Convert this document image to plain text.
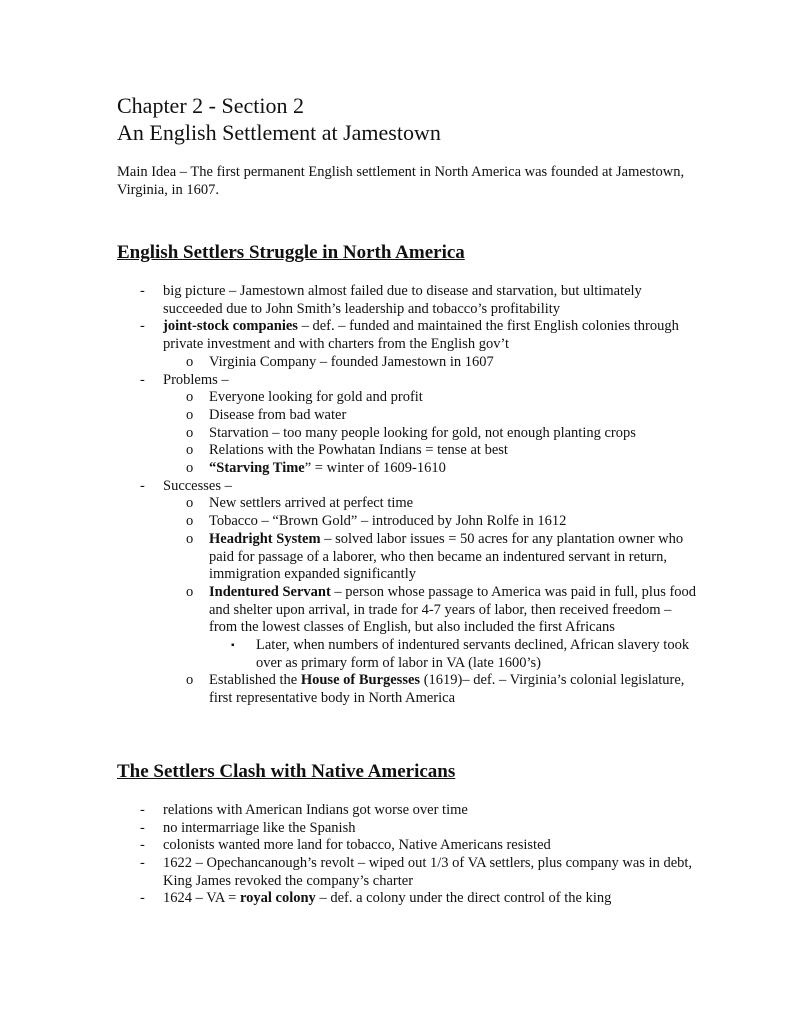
Chapter 2 - Section 2
An English Settlement at Jamestown
Main Idea – The first permanent English settlement in North America was founded at Jamestown, Virginia, in 1607.
English Settlers Struggle in North America
- big picture – Jamestown almost failed due to disease and starvation, but ultimately succeeded due to John Smith’s leadership and tobacco’s profitability
- joint-stock companies – def. – funded and maintained the first English colonies through private investment and with charters from the English gov’t
o Virginia Company – founded Jamestown in 1607
- Problems –
o Everyone looking for gold and profit
o Disease from bad water
o Starvation – too many people looking for gold, not enough planting crops
o Relations with the Powhatan Indians = tense at best
o “Starving Time” = winter of 1609-1610
- Successes –
o New settlers arrived at perfect time
o Tobacco – “Brown Gold” – introduced by John Rolfe in 1612
o Headright System – solved labor issues = 50 acres for any plantation owner who paid for passage of a laborer, who then became an indentured servant in return, immigration expanded significantly
o Indentured Servant – person whose passage to America was paid in full, plus food and shelter upon arrival, in trade for 4-7 years of labor, then received freedom – from the lowest classes of English, but also included the first Africans
▪ Later, when numbers of indentured servants declined, African slavery took over as primary form of labor in VA (late 1600’s)
o Established the House of Burgesses (1619)– def. – Virginia’s colonial legislature, first representative body in North America
The Settlers Clash with Native Americans
- relations with American Indians got worse over time
- no intermarriage like the Spanish
- colonists wanted more land for tobacco, Native Americans resisted
- 1622 – Opechancanough’s revolt – wiped out 1/3 of VA settlers, plus company was in debt, King James revoked the company’s charter
- 1624 – VA = royal colony – def. a colony under the direct control of the king
